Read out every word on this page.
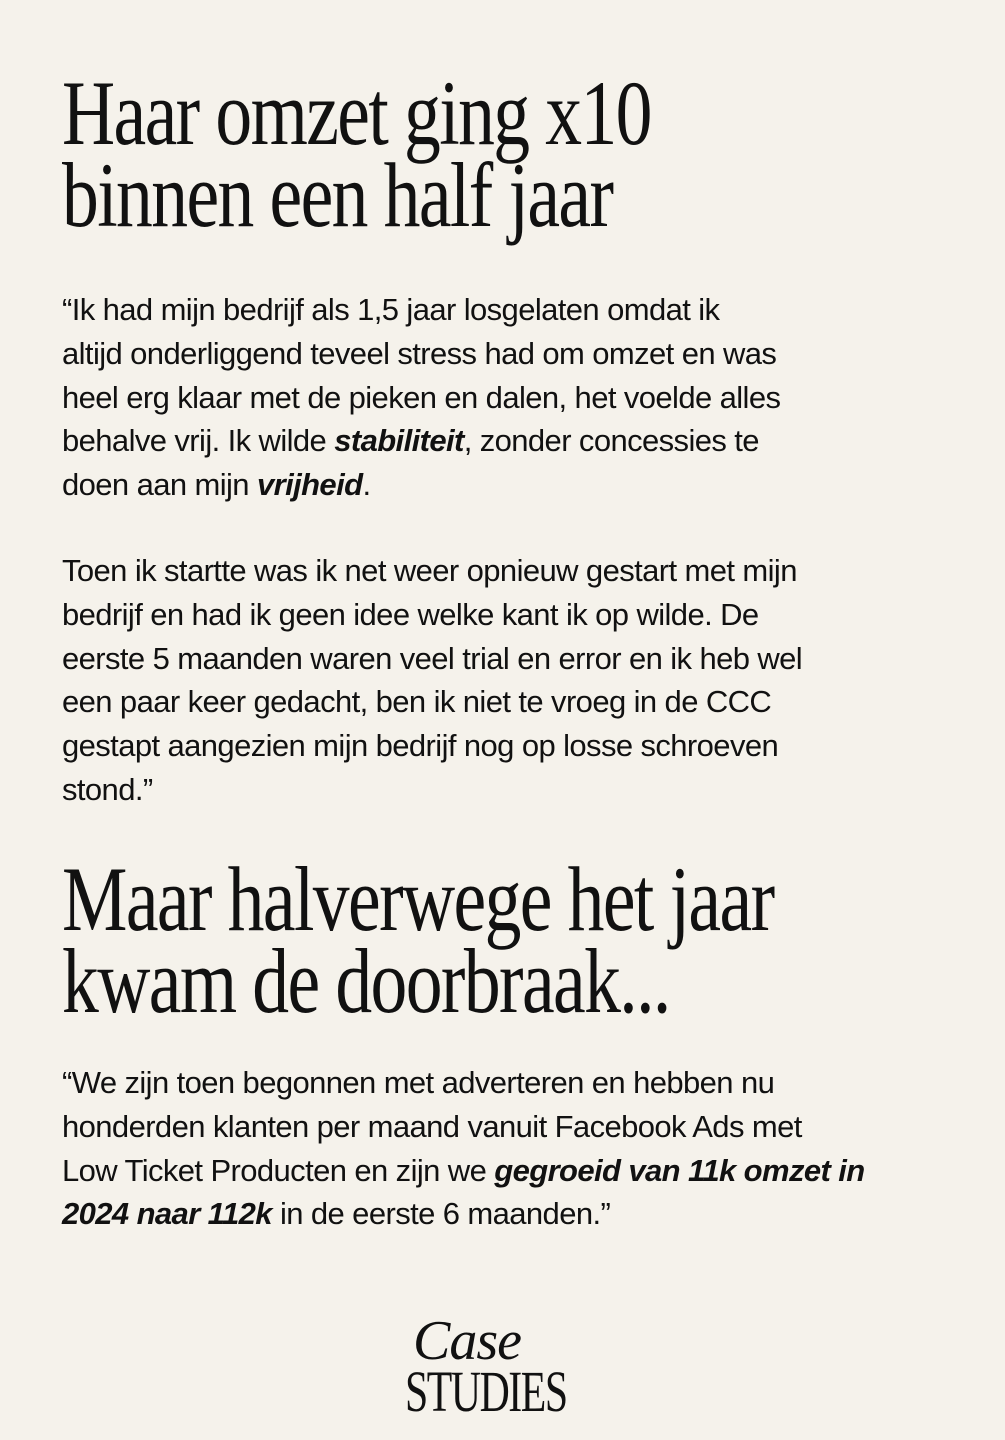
Haar omzet ging x10
binnen een half jaar

“Ik had mijn bedrijf als 1,5 jaar losgelaten omdat ik
altijd onderliggend teveel stress had om omzet en was
heel erg klaar met de pieken en dalen, het voelde alles
behalve vrij. Ik wilde stabiliteit, zonder concessies te
doen aan mijn vrijheid.

Toen ik startte was ik net weer opnieuw gestart met mijn
bedrijf en had ik geen idee welke kant ik op wilde. De
eerste 5 maanden waren veel trial en error en ik heb wel
een paar keer gedacht, ben ik niet te vroeg in de CCC
gestapt aangezien mijn bedrijf nog op losse schroeven
stond.”

Maar halverwege het jaar
kwam de doorbraak...

“We zijn toen begonnen met adverteren en hebben nu
honderden klanten per maand vanuit Facebook Ads met
Low Ticket Producten en zijn we gegroeid van 11k omzet in
2024 naar 112k in de eerste 6 maanden.”

Case
STUDIES
